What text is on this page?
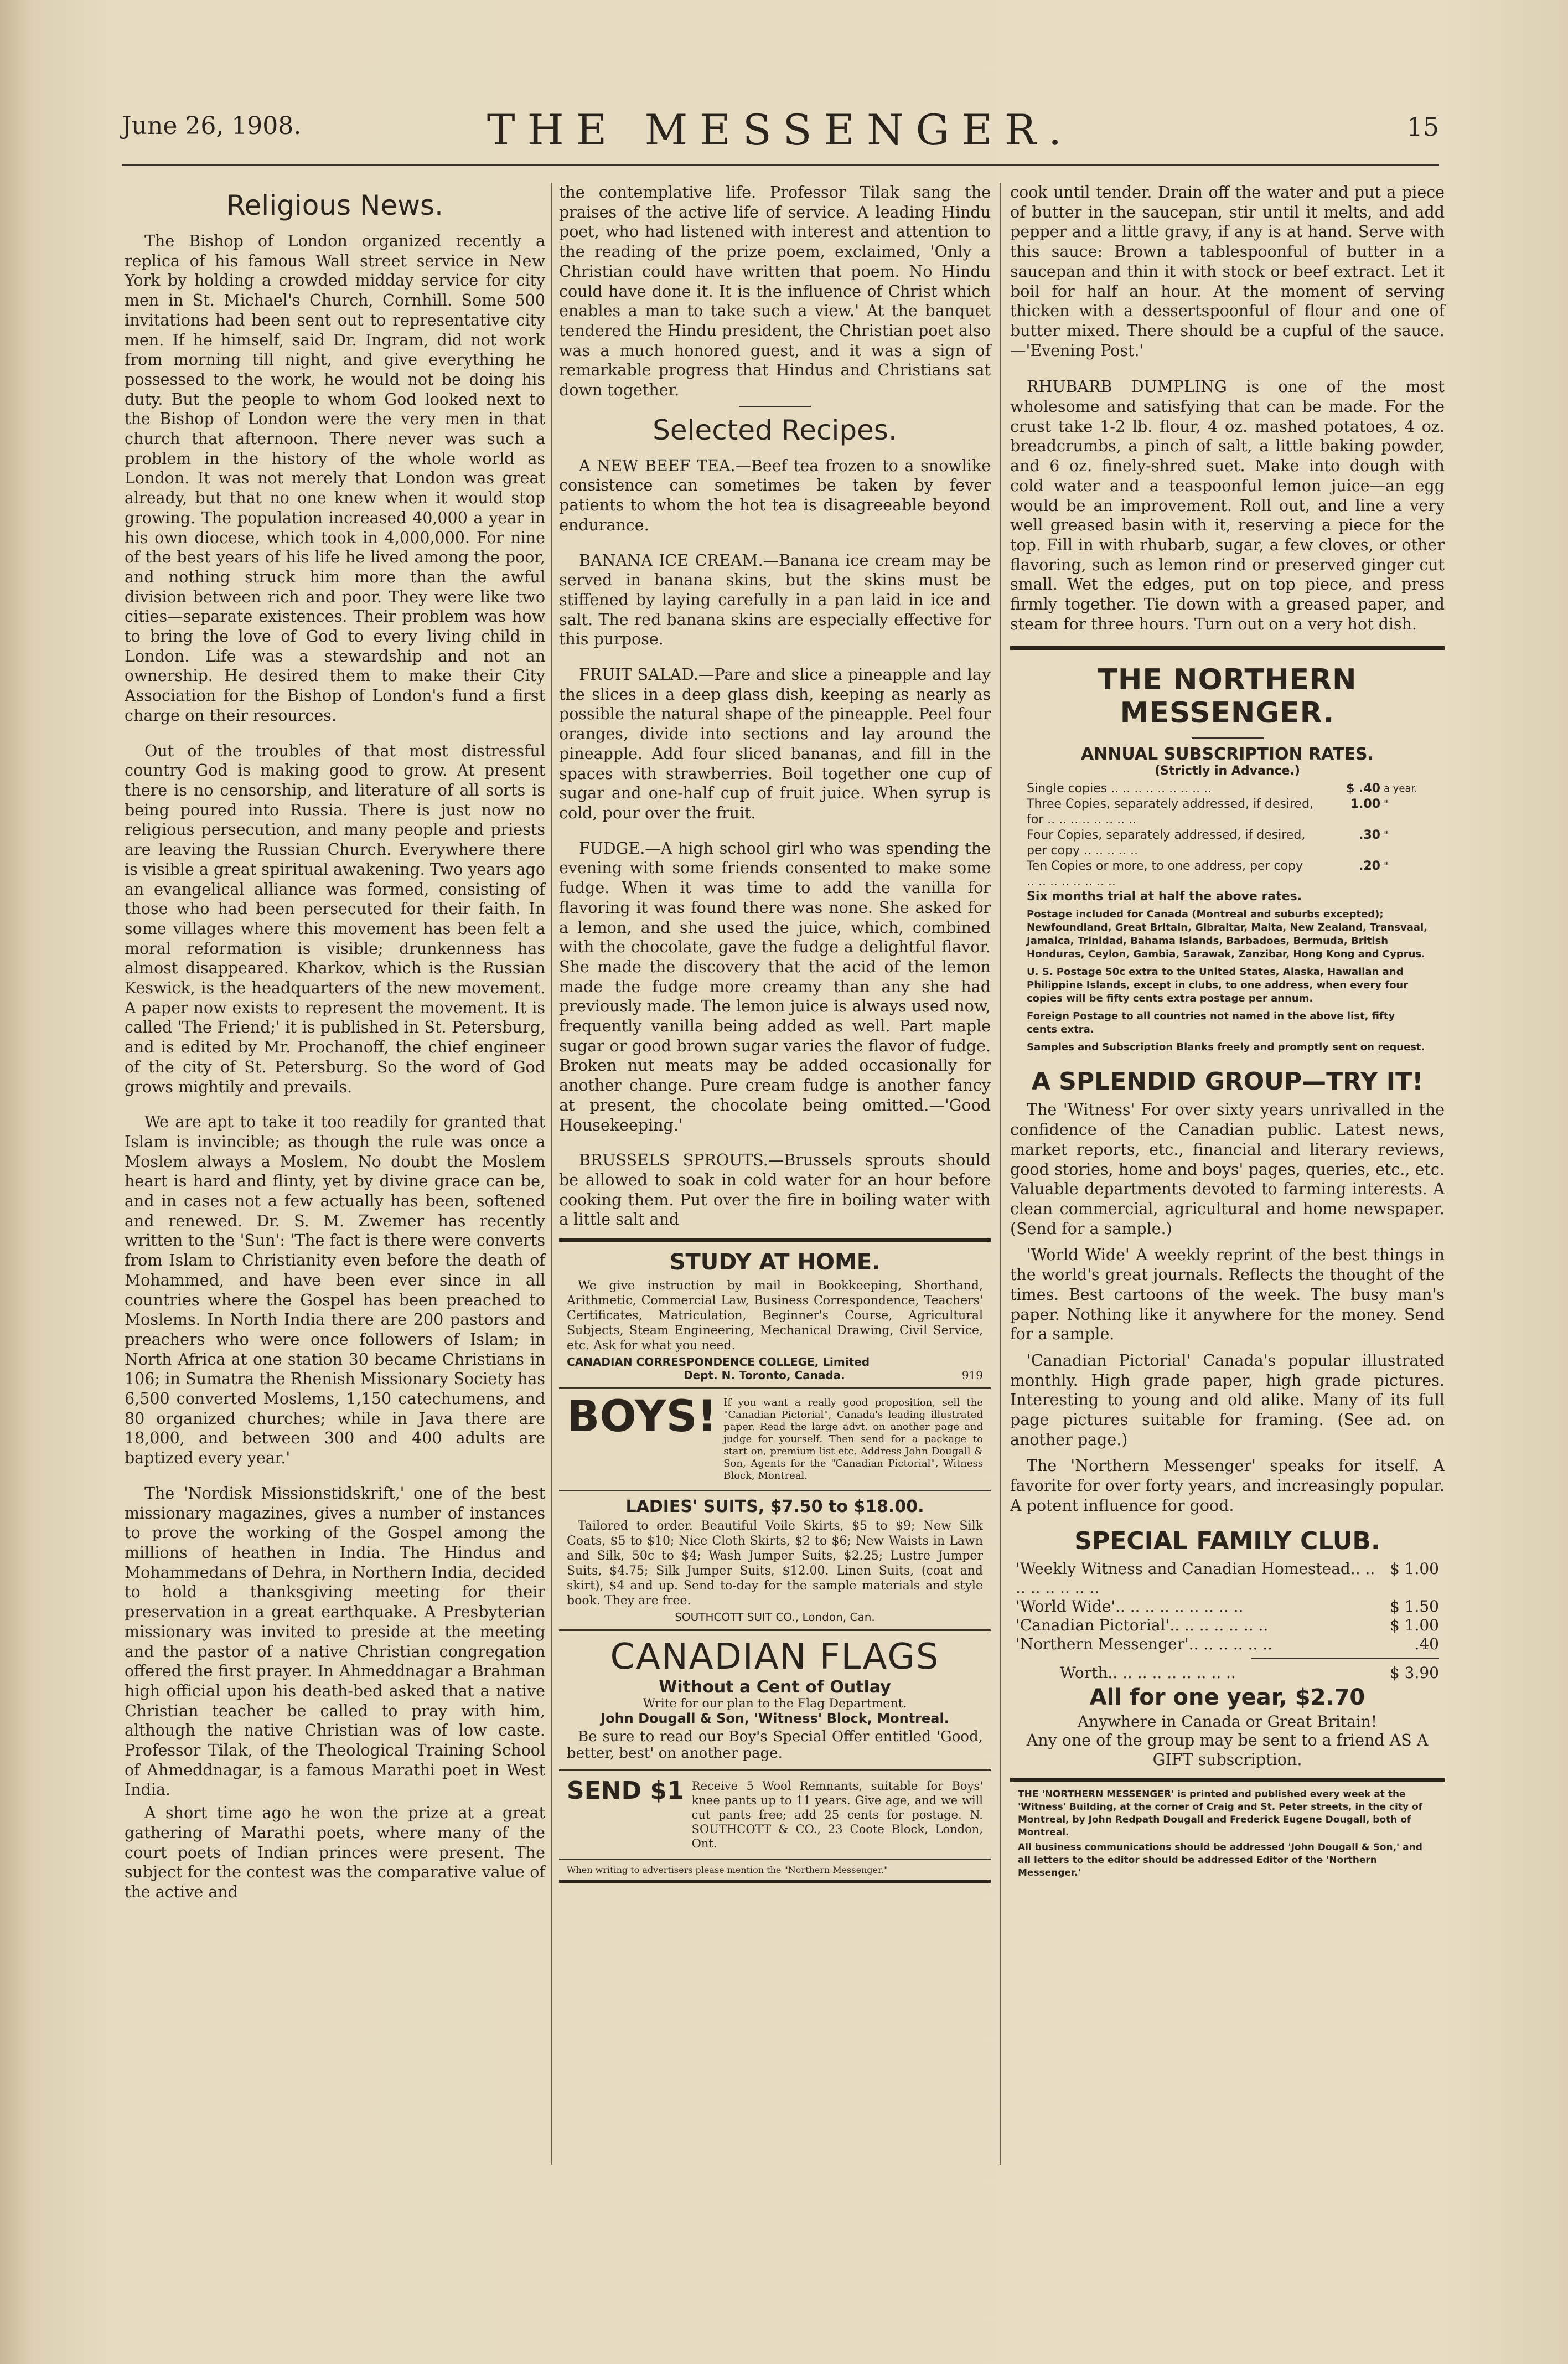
June 26, 1908.	THE MESSENGER.	15
Religious News.

The Bishop of London organized recently a replica of his famous Wall street service in New York by holding a crowded midday service for city men in St. Michael's Church, Cornhill. Some 500 invitations had been sent out to representative city men. If he himself, said Dr. Ingram, did not work from morning till night, and give everything he possessed to the work, he would not be doing his duty. But the people to whom God looked next to the Bishop of London were the very men in that church that afternoon. There never was such a problem in the history of the whole world as London. It was not merely that London was great already, but that no one knew when it would stop growing. The population increased 40,000 a year in his own diocese, which took in 4,000,000. For nine of the best years of his life he lived among the poor, and nothing struck him more than the awful division between rich and poor. They were like two cities—separate existences. Their problem was how to bring the love of God to every living child in London. Life was a stewardship and not an ownership. He desired them to make their City Association for the Bishop of London's fund a first charge on their resources.

Out of the troubles of that most distressful country God is making good to grow. At present there is no censorship, and literature of all sorts is being poured into Russia. There is just now no religious persecution, and many people and priests are leaving the Russian Church. Everywhere there is visible a great spiritual awakening. Two years ago an evangelical alliance was formed, consisting of those who had been persecuted for their faith. In some villages where this movement has been felt a moral reformation is visible; drunkenness has almost disappeared. Kharkov, which is the Russian Keswick, is the headquarters of the new movement. A paper now exists to represent the movement. It is called 'The Friend;' it is published in St. Petersburg, and is edited by Mr. Prochanoff, the chief engineer of the city of St. Petersburg. So the word of God grows mightily and prevails.

We are apt to take it too readily for granted that Islam is invincible; as though the rule was once a Moslem always a Moslem. No doubt the Moslem heart is hard and flinty, yet by divine grace can be, and in cases not a few actually has been, softened and renewed. Dr. S. M. Zwemer has recently written to the 'Sun': 'The fact is there were converts from Islam to Christianity even before the death of Mohammed, and have been ever since in all countries where the Gospel has been preached to Moslems. In North India there are 200 pastors and preachers who were once followers of Islam; in North Africa at one station 30 became Christians in 106; in Sumatra the Rhenish Missionary Society has 6,500 converted Moslems, 1,150 catechumens, and 80 organized churches; while in Java there are 18,000, and between 300 and 400 adults are baptized every year.'

The 'Nordisk Missionstidskrift,' one of the best missionary magazines, gives a number of instances to prove the working of the Gospel among the millions of heathen in India. The Hindus and Mohammedans of Dehra, in Northern India, decided to hold a thanksgiving meeting for their preservation in a great earthquake. A Presbyterian missionary was invited to preside at the meeting and the pastor of a native Christian congregation offered the first prayer. In Ahmeddnagar a Brahman high official upon his death-bed asked that a native Christian teacher be called to pray with him, although the native Christian was of low caste. Professor Tilak, of the Theological Training School of Ahmeddnagar, is a famous Marathi poet in West India.

A short time ago he won the prize at a great gathering of Marathi poets, where many of the court poets of Indian princes were present. The subject for the contest was the comparative value of the active and

the contemplative life. Professor Tilak sang the praises of the active life of service. A leading Hindu poet, who had listened with interest and attention to the reading of the prize poem, exclaimed, 'Only a Christian could have written that poem. No Hindu could have done it. It is the influence of Christ which enables a man to take such a view.' At the banquet tendered the Hindu president, the Christian poet also was a much honored guest, and it was a sign of remarkable progress that Hindus and Christians sat down together.

Selected Recipes.

A NEW BEEF TEA.—Beef tea frozen to a snowlike consistence can sometimes be taken by fever patients to whom the hot tea is disagreeable beyond endurance.

BANANA ICE CREAM.—Banana ice cream may be served in banana skins, but the skins must be stiffened by laying carefully in a pan laid in ice and salt. The red banana skins are especially effective for this purpose.

FRUIT SALAD.—Pare and slice a pineapple and lay the slices in a deep glass dish, keeping as nearly as possible the natural shape of the pineapple. Peel four oranges, divide into sections and lay around the pineapple. Add four sliced bananas, and fill in the spaces with strawberries. Boil together one cup of sugar and one-half cup of fruit juice. When syrup is cold, pour over the fruit.

FUDGE.—A high school girl who was spending the evening with some friends consented to make some fudge. When it was time to add the vanilla for flavoring it was found there was none. She asked for a lemon, and she used the juice, which, combined with the chocolate, gave the fudge a delightful flavor. She made the discovery that the acid of the lemon made the fudge more creamy than any she had previously made. The lemon juice is always used now, frequently vanilla being added as well. Part maple sugar or good brown sugar varies the flavor of fudge. Broken nut meats may be added occasionally for another change. Pure cream fudge is another fancy at present, the chocolate being omitted.—'Good Housekeeping.'

BRUSSELS SPROUTS.—Brussels sprouts should be allowed to soak in cold water for an hour before cooking them. Put over the fire in boiling water with a little salt and

STUDY AT HOME.

We give instruction by mail in Bookkeeping, Shorthand, Arithmetic, Commercial Law, Business Correspondence, Teachers' Certificates, Matriculation, Beginner's Course, Agricultural Subjects, Steam Engineering, Mechanical Drawing, Civil Service, etc. Ask for what you need.

CANADIAN CORRESPONDENCE COLLEGE, Limited
Dept. N. Toronto, Canada.	919
BOYS! If you want a really good proposition, sell the "Canadian Pictorial", Canada's leading illustrated paper. Read the large advt. on another page and judge for yourself. Then send for a package to start on, premium list etc. Address John Dougall & Son, Agents for the "Canadian Pictorial", Witness Block, Montreal.

LADIES' SUITS, $7.50 to $18.00.

Tailored to order. Beautiful Voile Skirts, $5 to $9; New Silk Coats, $5 to $10; Nice Cloth Skirts, $2 to $6; New Waists in Lawn and Silk, 50c to $4; Wash Jumper Suits, $2.25; Lustre Jumper Suits, $4.75; Silk Jumper Suits, $12.00. Linen Suits, (coat and skirt), $4 and up. Send to-day for the sample materials and style book. They are free.

SOUTHCOTT SUIT CO., London, Can.
CANADIAN FLAGS
Without a Cent of Outlay
Write for our plan to the Flag Department.
John Dougall & Son, 'Witness' Block, Montreal.

Be sure to read our Boy's Special Offer entitled 'Good, better, best' on another page.

SEND $1 Receive 5 Wool Remnants, suitable for Boys' knee pants up to 11 years. Give age, and we will cut pants free; add 25 cents for postage. N. SOUTHCOTT & CO., 23 Coote Block, London, Ont.

When writing to advertisers please mention the "Northern Messenger."

cook until tender. Drain off the water and put a piece of butter in the saucepan, stir until it melts, and add pepper and a little gravy, if any is at hand. Serve with this sauce: Brown a tablespoonful of butter in a saucepan and thin it with stock or beef extract. Let it boil for half an hour. At the moment of serving thicken with a dessertspoonful of flour and one of butter mixed. There should be a cupful of the sauce.—'Evening Post.'

RHUBARB DUMPLING is one of the most wholesome and satisfying that can be made. For the crust take 1-2 lb. flour, 4 oz. mashed potatoes, 4 oz. breadcrumbs, a pinch of salt, a little baking powder, and 6 oz. finely-shred suet. Make into dough with cold water and a teaspoonful lemon juice—an egg would be an improvement. Roll out, and line a very well greased basin with it, reserving a piece for the top. Fill in with rhubarb, sugar, a few cloves, or other flavoring, such as lemon rind or preserved ginger cut small. Wet the edges, put on top piece, and press firmly together. Tie down with a greased paper, and steam for three hours. Turn out on a very hot dish.

THE NORTHERN MESSENGER.
ANNUAL SUBSCRIPTION RATES.
(Strictly in Advance.)
Single copies .. .. .. .. .. .. .. .. ..	$ .40 a year.
Three Copies, separately addressed, if desired, for .. .. .. .. .. .. .. ..
1.00 "
Four Copies, separately addressed, if desired, per copy .. .. .. .. ..
.30 "
Ten Copies or more, to one address, per copy .. .. .. .. .. .. .. ..
.20 "
Six months trial at half the above rates.
Postage included for Canada (Montreal and suburbs excepted); Newfoundland, Great Britain, Gibraltar, Malta, New Zealand, Transvaal, Jamaica, Trinidad, Bahama Islands, Barbadoes, Bermuda, British Honduras, Ceylon, Gambia, Sarawak, Zanzibar, Hong Kong and Cyprus.
U. S. Postage 50c extra to the United States, Alaska, Hawaiian and Philippine Islands, except in clubs, to one address, when every four copies will be fifty cents extra postage per annum.
Foreign Postage to all countries not named in the above list, fifty cents extra.
Samples and Subscription Blanks freely and promptly sent on request.
A SPLENDID GROUP—TRY IT!

The 'Witness' For over sixty years unrivalled in the confidence of the Canadian public. Latest news, market reports, etc., financial and literary reviews, good stories, home and boys' pages, queries, etc., etc. Valuable departments devoted to farming interests. A clean commercial, agricultural and home newspaper. (Send for a sample.)

'World Wide' A weekly reprint of the best things in the world's great journals. Reflects the thought of the times. Best cartoons of the week. The busy man's paper. Nothing like it anywhere for the money. Send for a sample.

'Canadian Pictorial' Canada's popular illustrated monthly. High grade paper, high grade pictures. Interesting to young and old alike. Many of its full page pictures suitable for framing. (See ad. on another page.)

The 'Northern Messenger' speaks for itself. A favorite for over forty years, and increasingly popular. A potent influence for good.

SPECIAL FAMILY CLUB.
'Weekly Witness and Canadian Homestead.. .. .. .. .. .. .. ..
$ 1.00
'World Wide'.. .. .. .. .. .. .. .. ..	$ 1.50
'Canadian Pictorial'.. .. .. .. .. .. ..	$ 1.00
'Northern Messenger'.. .. .. .. .. ..	.40
Worth.. .. .. .. .. .. .. .. ..	$ 3.90
All for one year, $2.70
Anywhere in Canada or Great Britain!

Any one of the group may be sent to a friend AS A GIFT subscription.

THE 'NORTHERN MESSENGER' is printed and published every week at the 'Witness' Building, at the corner of Craig and St. Peter streets, in the city of Montreal, by John Redpath Dougall and Frederick Eugene Dougall, both of Montreal.
All business communications should be addressed 'John Dougall & Son,' and all letters to the editor should be addressed Editor of the 'Northern Messenger.'
